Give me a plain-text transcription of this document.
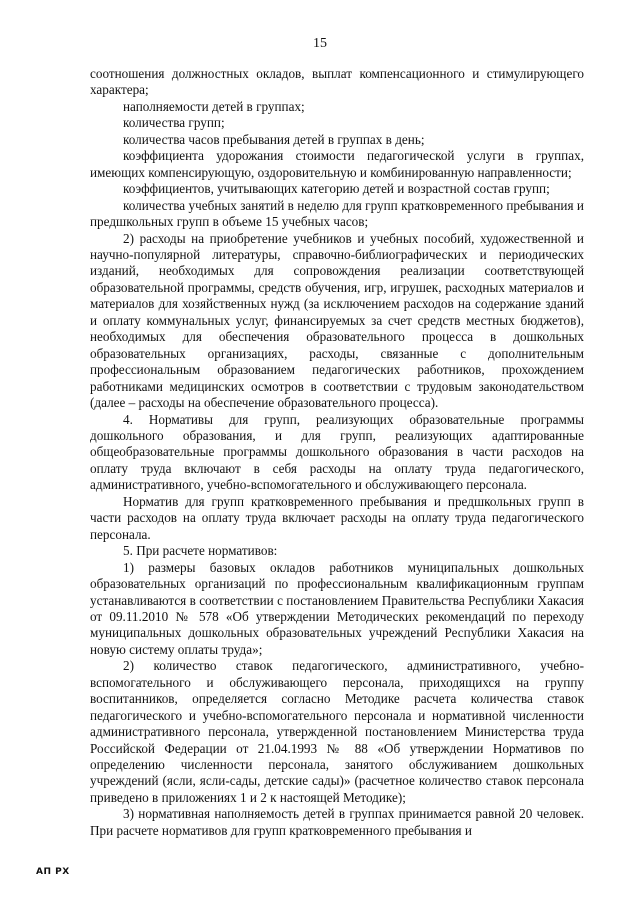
15

соотношения должностных окладов, выплат компенсационного и стимулирующего характера;

наполняемости детей в группах;

количества групп;

количества часов пребывания детей в группах в день;

коэффициента удорожания стоимости педагогической услуги в группах, имеющих компенсирующую, оздоровительную и комбинированную направленности;

коэффициентов, учитывающих категорию детей и возрастной состав групп;

количества учебных занятий в неделю для групп кратковременного пребывания и предшкольных групп в объеме 15 учебных часов;

2) расходы на приобретение учебников и учебных пособий, художественной и научно-популярной литературы, справочно-библиографических и периодических изданий, необходимых для сопровождения реализации соответствующей образовательной программы, средств обучения, игр, игрушек, расходных материалов и материалов для хозяйственных нужд (за исключением расходов на содержание зданий и оплату коммунальных услуг, финансируемых за счет средств местных бюджетов), необходимых для обеспечения образовательного процесса в дошкольных образовательных организациях, расходы, связанные с дополнительным профессиональным образованием педагогических работников, прохождением работниками медицинских осмотров в соответствии с трудовым законодательством (далее – расходы на обеспечение образовательного процесса).

4. Нормативы для групп, реализующих образовательные программы дошкольного образования, и для групп, реализующих адаптированные общеобразовательные программы дошкольного образования в части расходов на оплату труда включают в себя расходы на оплату труда педагогического, административного, учебно-вспомогательного и обслуживающего персонала.

Норматив для групп кратковременного пребывания и предшкольных групп в части расходов на оплату труда включает расходы на оплату труда педагогического персонала.

5. При расчете нормативов:

1) размеры базовых окладов работников муниципальных дошкольных образовательных организаций по профессиональным квалификационным группам устанавливаются в соответствии с постановлением Правительства Республики Хакасия от 09.11.2010 № 578 «Об утверждении Методических рекомендаций по переходу муниципальных дошкольных образовательных учреждений Республики Хакасия на новую систему оплаты труда»;

2) количество ставок педагогического, административного, учебно-вспомогательного и обслуживающего персонала, приходящихся на группу воспитанников, определяется согласно Методике расчета количества ставок педагогического и учебно-вспомогательного персонала и нормативной численности административного персонала, утвержденной постановлением Министерства труда Российской Федерации от 21.04.1993 № 88 «Об утверждении Нормативов по определению численности персонала, занятого обслуживанием дошкольных учреждений (ясли, ясли-сады, детские сады)» (расчетное количество ставок персонала приведено в приложениях 1 и 2 к настоящей Методике);

3) нормативная наполняемость детей в группах принимается равной 20 человек. При расчете нормативов для групп кратковременного пребывания и

АП РХ
